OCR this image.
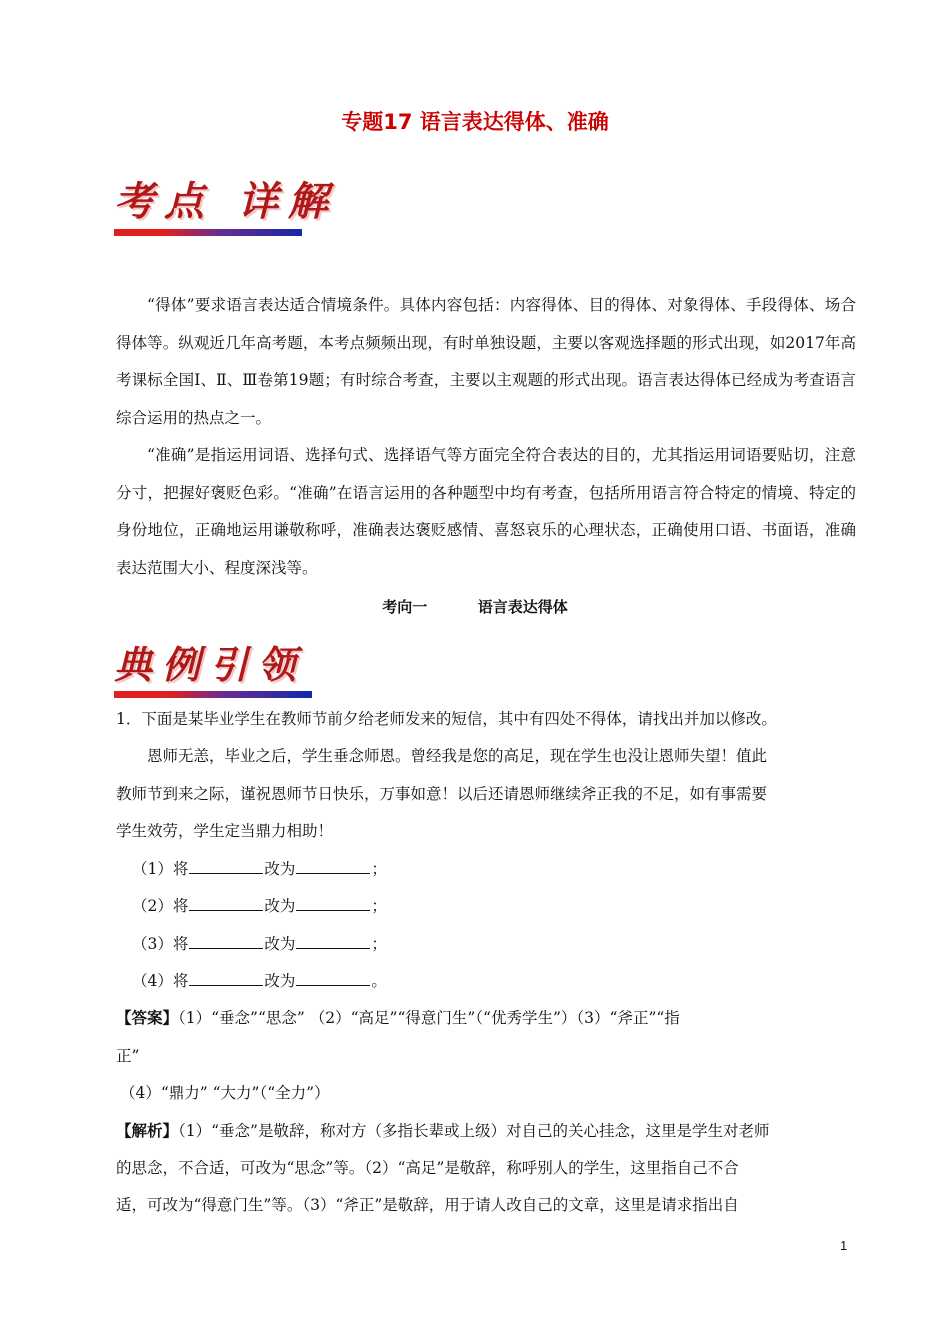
专题17 语言表达得体、准确
考点 详解
“得体”要求语言表达适合情境条件。具体内容包括：内容得体、目的得体、对象得体、手段得体、场合得体等。纵观近几年高考题，本考点频频出现，有时单独设题，主要以客观选择题的形式出现，如2017年高考课标全国Ⅰ、Ⅱ、Ⅲ卷第19题；有时综合考查，主要以主观题的形式出现。语言表达得体已经成为考查语言综合运用的热点之一。
“准确”是指运用词语、选择句式、选择语气等方面完全符合表达的目的，尤其指运用词语要贴切，注意分寸，把握好褒贬色彩。“准确”在语言运用的各种题型中均有考查，包括所用语言符合特定的情境、特定的身份地位，正确地运用谦敬称呼，准确表达褒贬感情、喜怒哀乐的心理状态，正确使用口语、书面语，准确表达范围大小、程度深浅等。
考向一	语言表达得体
典例引领
1．下面是某毕业学生在教师节前夕给老师发来的短信，其中有四处不得体，请找出并加以修改。
恩师无恙，毕业之后，学生垂念师恩。曾经我是您的高足，现在学生也没让恩师失望！值此
教师节到来之际，谨祝恩师节日快乐，万事如意！以后还请恩师继续斧正我的不足，如有事需要
学生效劳，学生定当鼎力相助！
（1）将	改为	；
（2）将	改为	；
（3）将	改为	；
（4）将	改为	。
【答案】（1）“垂念”“思念” （2）“高足”“得意门生”（“优秀学生”）（3）“斧正”“指
正”
（4）“鼎力” “大力”（“全力”）
【解析】（1）“垂念”是敬辞，称对方（多指长辈或上级）对自己的关心挂念，这里是学生对老师
的思念，不合适，可改为“思念”等。（2）“高足”是敬辞，称呼别人的学生，这里指自己不合
适，可改为“得意门生”等。（3）“斧正”是敬辞，用于请人改自己的文章，这里是请求指出自
1
